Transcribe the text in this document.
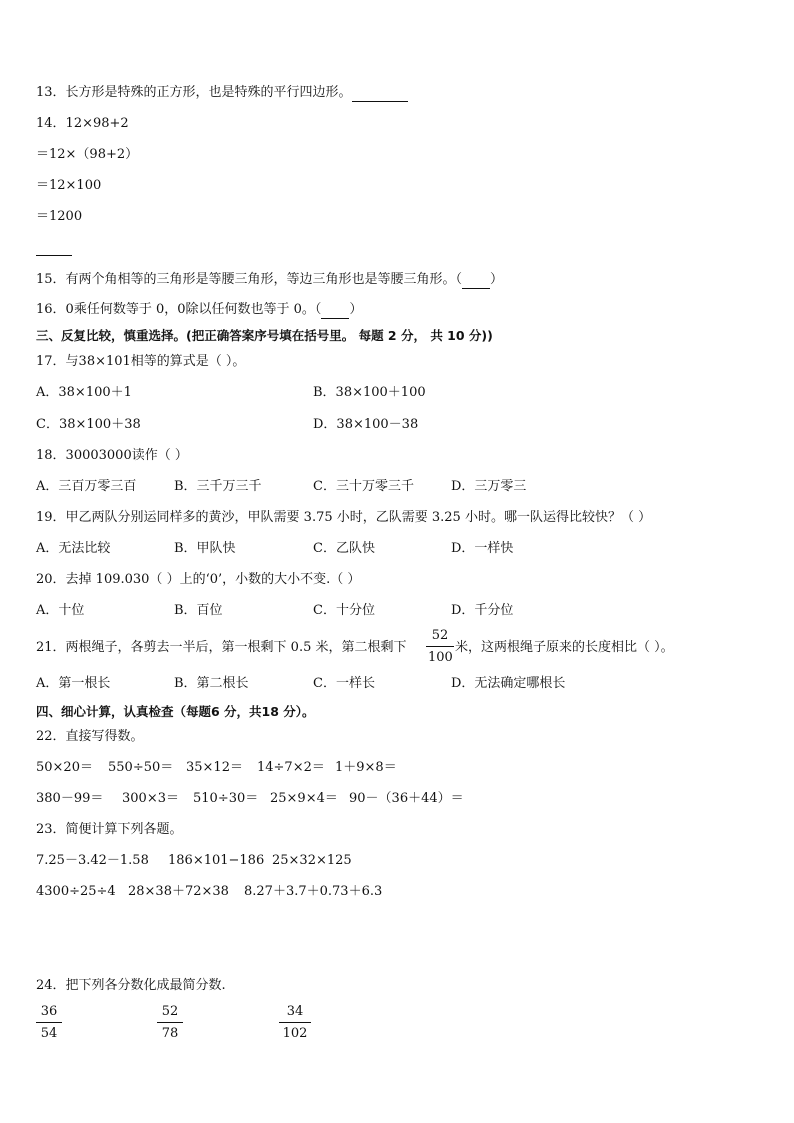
13．长方形是特殊的正方形，也是特殊的平行四边形。
14．12×98+2
＝12×（98+2）
＝12×100
＝1200
15．有两个角相等的三角形是等腰三角形，等边三角形也是等腰三角形。（ ）
16．0乘任何数等于 0，0除以任何数也等于 0。（ ）
三、反复比较，慎重选择。(把正确答案序号填在括号里。 每题 2 分， 共 10 分))
17．与38×101相等的算式是（ ）。
A．38×100＋1	B．38×100＋100
C．38×100＋38	D．38×100－38
18．30003000读作（ ）
A．三百万零三百	B．三千万三千	C．三十万零三千	D．三万零三
19．甲乙两队分别运同样多的黄沙，甲队需要 3.75 小时，乙队需要 3.25 小时。哪一队运得比较快？（ ）
A．无法比较	B．甲队快	C．乙队快	D．一样快
20．去掉 109.030（ ）上的‘0’，小数的大小不变.（ ）
A．十位	B．百位	C．十分位	D．千分位
21．两根绳子，各剪去一半后，第一根剩下 0.5 米，第二根剩下
52
100
米，这两根绳子原来的长度相比（ ）。
A．第一根长	B．第二根长	C．一样长	D．无法确定哪根长
四、细心计算，认真检查（每题6 分，共18 分）。
22．直接写得数。
50×20＝ 550÷50＝ 35×12＝ 14÷7×2＝ 1＋9×8＝
380－99＝ 300×3＝ 510÷30＝ 25×9×4＝ 90－（36＋44）＝
23．简便计算下列各题。
7.25－3.42－1.58 186×101−186 25×32×125
4300÷25÷4 28×38＋72×38 8.27＋3.7＋0.73＋6.3
24．把下列各分数化成最简分数.
36
54
52
78
34
102
